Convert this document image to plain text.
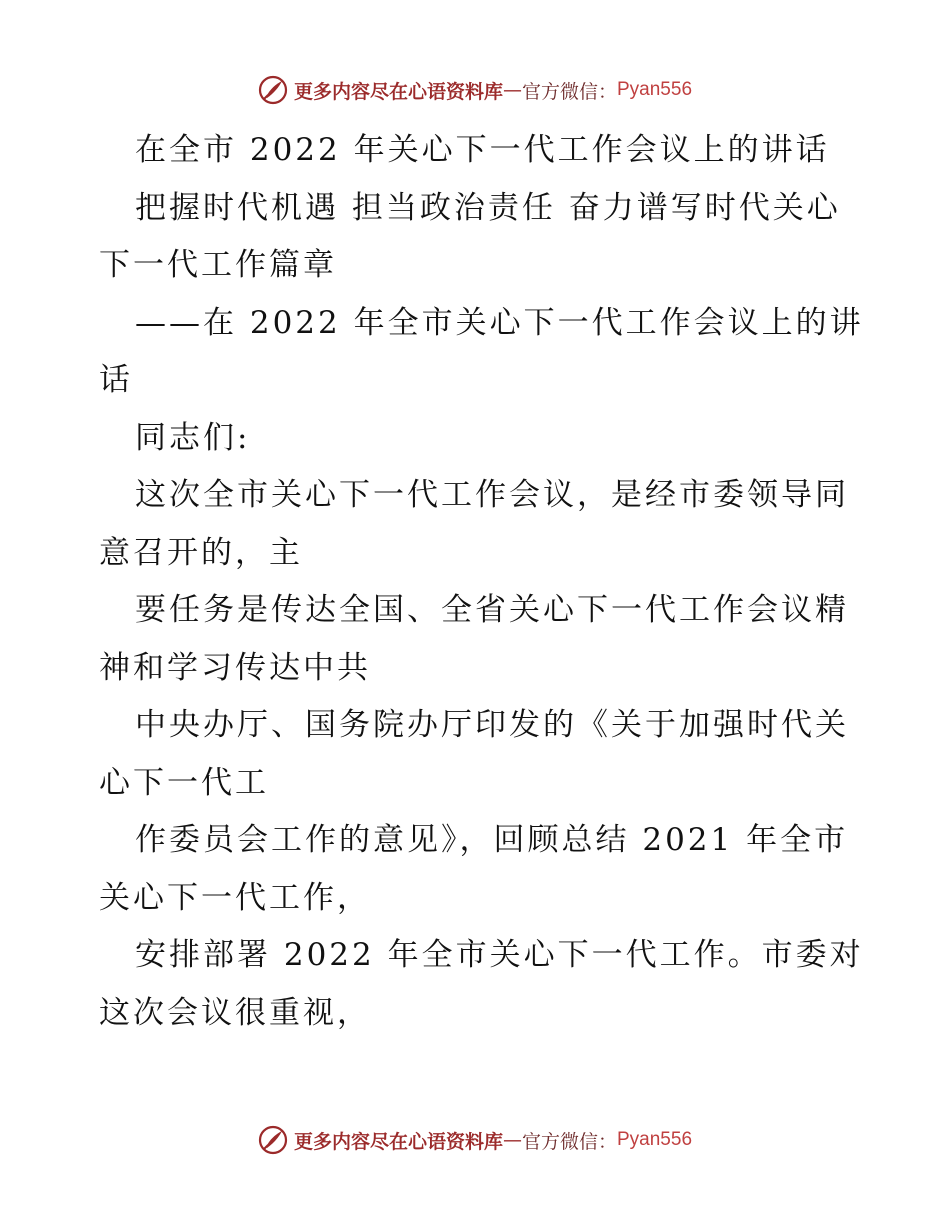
更多内容尽在心语资料库 — 官方微信： Pyan556
在全市 2022 年关心下一代工作会议上的讲话
把握时代机遇 担当政治责任 奋力谱写时代关心
下一代工作篇章
——在 2022 年全市关心下一代工作会议上的讲
话
同志们:
这次全市关心下一代工作会议，是经市委领导同
意召开的，主
要任务是传达全国、全省关心下一代工作会议精
神和学习传达中共
中央办厅、国务院办厅印发的《关于加强时代关
心下一代工
作委员会工作的意见》，回顾总结 2021 年全市
关心下一代工作，
安排部署 2022 年全市关心下一代工作。市委对
这次会议很重视，
更多内容尽在心语资料库 — 官方微信： Pyan556
